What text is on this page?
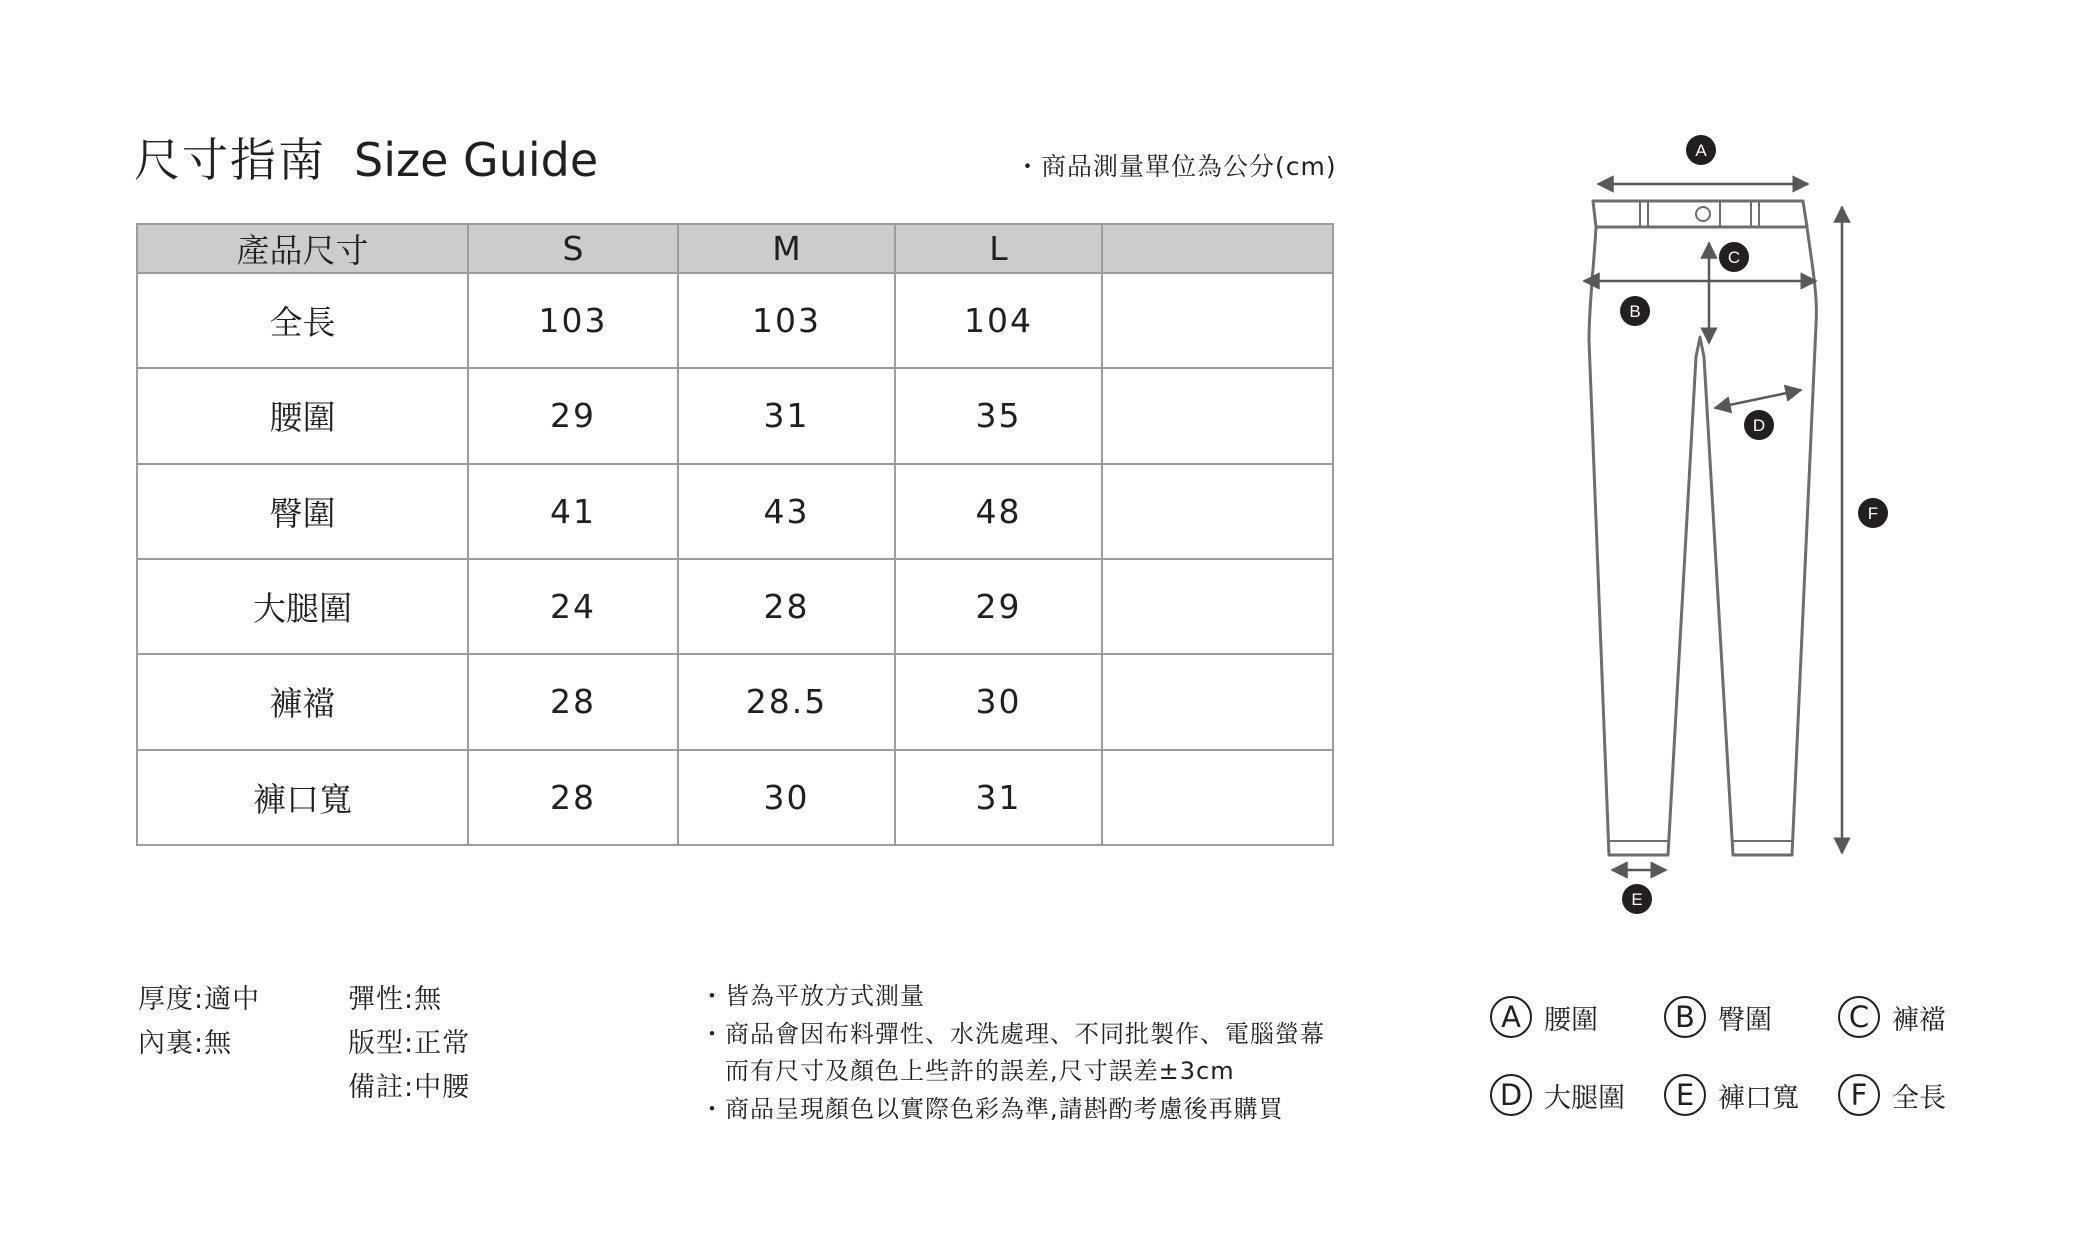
尺寸指南 Size Guide	・商品測量單位為公分(cm)
產品尺寸	S	M	L	
全長	103	103	104	
腰圍	29	31	35	
臀圍	41	43	48	
大腿圍	24	28	29	
褲襠	28	28.5	30	
褲口寬	28	30	31	
厚度:適中
內裏:無
彈性:無
版型:正常
備註:中腰
・皆為平放方式測量
・商品會因布料彈性、水洗處理、不同批製作、電腦螢幕
　而有尺寸及顏色上些許的誤差,尺寸誤差±3cm
・商品呈現顏色以實際色彩為準,請斟酌考慮後再購買
A
B
C
D
E
F
A 腰圍	B 臀圍	C 褲襠
D 大腿圍	E 褲口寬	F 全長
